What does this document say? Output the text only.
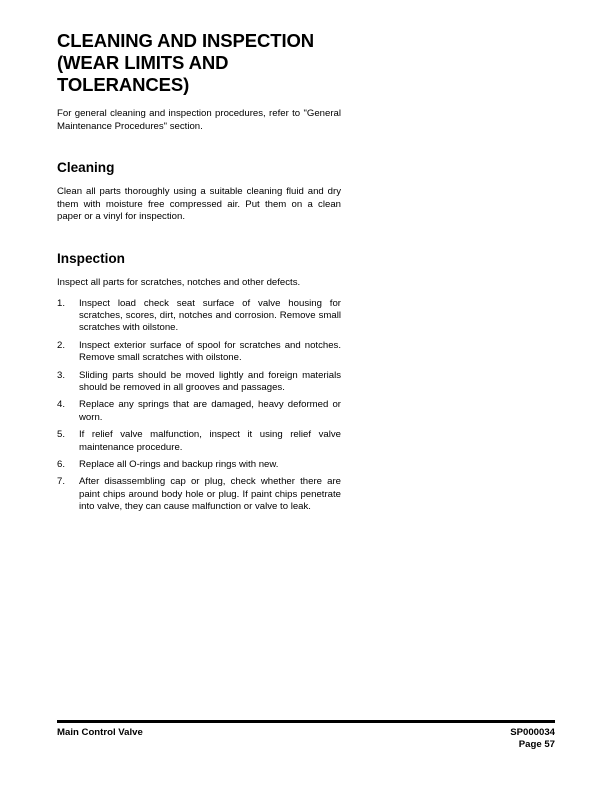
CLEANING AND INSPECTION (WEAR LIMITS AND TOLERANCES)

For general cleaning and inspection procedures, refer to "General Maintenance Procedures" section.

Cleaning

Clean all parts thoroughly using a suitable cleaning fluid and dry them with moisture free compressed air. Put them on a clean paper or a vinyl for inspection.

Inspection

Inspect all parts for scratches, notches and other defects.

1.	Inspect load check seat surface of valve housing for scratches, scores, dirt, notches and corrosion. Remove small scratches with oilstone.
2.	Inspect exterior surface of spool for scratches and notches. Remove small scratches with oilstone.
3.	Sliding parts should be moved lightly and foreign materials should be removed in all grooves and passages.
4.	Replace any springs that are damaged, heavy deformed or worn.
5.	If relief valve malfunction, inspect it using relief valve maintenance procedure.
6.	Replace all O-rings and backup rings with new.
7.	After disassembling cap or plug, check whether there are paint chips around body hole or plug. If paint chips penetrate into valve, they can cause malfunction or valve to leak.
Main Control Valve	SP000034
Page 57
